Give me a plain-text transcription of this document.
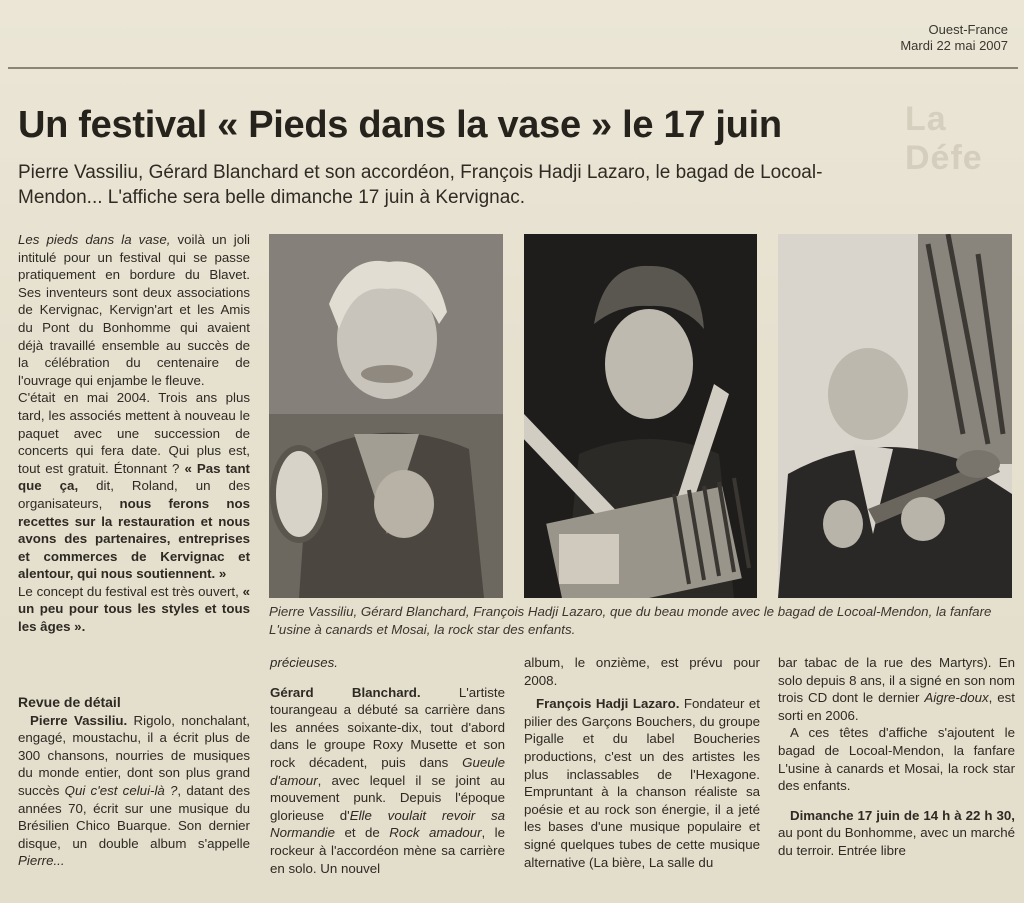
La Défe
Ouest-France
Mardi 22 mai 2007
Un festival « Pieds dans la vase » le 17 juin
Pierre Vassiliu, Gérard Blanchard et son accordéon, François Hadji Lazaro, le bagad de Locoal-Mendon... L'affiche sera belle dimanche 17 juin à Kervignac.

Les pieds dans la vase, voilà un joli intitulé pour un festival qui se passe pratiquement en bordure du Blavet. Ses inventeurs sont deux associations de Kervignac, Kervign'art et les Amis du Pont du Bonhomme qui avaient déjà travaillé ensemble au succès de la célébration du centenaire de l'ouvrage qui enjambe le fleuve.

C'était en mai 2004. Trois ans plus tard, les associés mettent à nouveau le paquet avec une succession de concerts qui fera date. Qui plus est, tout est gratuit. Étonnant ? « Pas tant que ça, dit, Roland, un des organisateurs, nous ferons nos recettes sur la restauration et nous avons des partenaires, entreprises et commerces de Kervignac et alentour, qui nous soutiennent. »

Le concept du festival est très ouvert, « un peu pour tous les styles et tous les âges ».

Revue de détail

Pierre Vassiliu. Rigolo, nonchalant, engagé, moustachu, il a écrit plus de 300 chansons, nourries de musiques du monde entier, dont son plus grand succès Qui c'est celui-là ?, datant des années 70, écrit sur une musique du Brésilien Chico Buarque. Son dernier disque, un double album s'appelle Pierre...

Pierre Vassiliu, Gérard Blanchard, François Hadji Lazaro, que du beau monde avec le bagad de Locoal-Mendon, la fanfare L'usine à canards et Mosai, la rock star des enfants.

précieuses.

Gérard Blanchard. L'artiste tourangeau a débuté sa carrière dans les années soixante-dix, tout d'abord dans le groupe Roxy Musette et son rock décadent, puis dans Gueule d'amour, avec lequel il se joint au mouvement punk. Depuis l'époque glorieuse d'Elle voulait revoir sa Normandie et de Rock amadour, le rockeur à l'accordéon mène sa carrière en solo. Un nouvel

album, le onzième, est prévu pour 2008.

François Hadji Lazaro. Fondateur et pilier des Garçons Bouchers, du groupe Pigalle et du label Boucheries productions, c'est un des artistes les plus inclassables de l'Hexagone. Empruntant à la chanson réaliste sa poésie et au rock son énergie, il a jeté les bases d'une musique populaire et signé quelques tubes de cette musique alternative (La bière, La salle du

bar tabac de la rue des Martyrs). En solo depuis 8 ans, il a signé en son nom trois CD dont le dernier Aigre-doux, est sorti en 2006.

A ces têtes d'affiche s'ajoutent le bagad de Locoal-Mendon, la fanfare L'usine à canards et Mosai, la rock star des enfants.

Dimanche 17 juin de 14 h à 22 h 30, au pont du Bonhomme, avec un marché du terroir. Entrée libre
